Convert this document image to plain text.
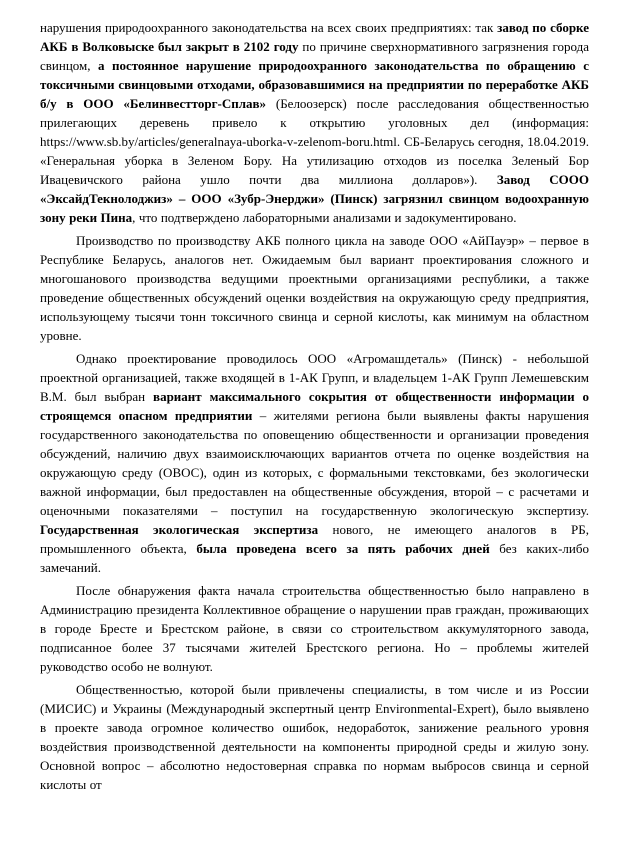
нарушения природоохранного законодательства на всех своих предприятиях: так завод по сборке АКБ в Волковыске был закрыт в 2102 году по причине сверхнормативного загрязнения города свинцом, а постоянное нарушение природоохранного законодательства по обращению с токсичными свинцовыми отходами, образовавшимися на предприятии по переработке АКБ б/у в ООО «Белинвестторг-Сплав» (Белоозерск) после расследования общественностью прилегающих деревень привело к открытию уголовных дел (информация: https://www.sb.by/articles/generalnaya-uborka-v-zelenom-boru.html. СБ-Беларусь сегодня, 18.04.2019. «Генеральная уборка в Зеленом Бору. На утилизацию отходов из поселка Зеленый Бор Ивацевичского района ушло почти два миллиона долларов»). Завод СООО «ЭксайдТекнолоджиз» – ООО «Зубр-Энерджи» (Пинск) загрязнил свинцом водоохранную зону реки Пина, что подтверждено лабораторными анализами и задокументировано.
Производство по производству АКБ полного цикла на заводе ООО «АйПауэр» – первое в Республике Беларусь, аналогов нет. Ожидаемым был вариант проектирования сложного и многошанового производства ведущими проектными организациями республики, а также проведение общественных обсуждений оценки воздействия на окружающую среду предприятия, использующему тысячи тонн токсичного свинца и серной кислоты, как минимум на областном уровне.
Однако проектирование проводилось ООО «Агромашдеталь» (Пинск) - небольшой проектной организацией, также входящей в 1-АК Групп, и владельцем 1-АК Групп Лемешевским В.М. был выбран вариант максимального сокрытия от общественности информации о строящемся опасном предприятии – жителями региона были выявлены факты нарушения государственного законодательства по оповещению общественности и организации проведения обсуждений, наличию двух взаимоисключающих вариантов отчета по оценке воздействия на окружающую среду (ОВОС), один из которых, с формальными текстовками, без экологически важной информации, был предоставлен на общественные обсуждения, второй – с расчетами и оценочными показателями – поступил на государственную экологическую экспертизу. Государственная экологическая экспертиза нового, не имеющего аналогов в РБ, промышленного объекта, была проведена всего за пять рабочих дней без каких-либо замечаний.
После обнаружения факта начала строительства общественностью было направлено в Администрацию президента Коллективное обращение о нарушении прав граждан, проживающих в городе Бресте и Брестском районе, в связи со строительством аккумуляторного завода, подписанное более 37 тысячами жителей Брестского региона. Но – проблемы жителей руководство особо не волнуют.
Общественностью, которой были привлечены специалисты, в том числе и из России (МИСИС) и Украины (Международный экспертный центр Environmental-Expert), было выявлено в проекте завода огромное количество ошибок, недоработок, занижение реального уровня воздействия производственной деятельности на компоненты природной среды и жилую зону. Основной вопрос – абсолютно недостоверная справка по нормам выбросов свинца и серной кислоты от
